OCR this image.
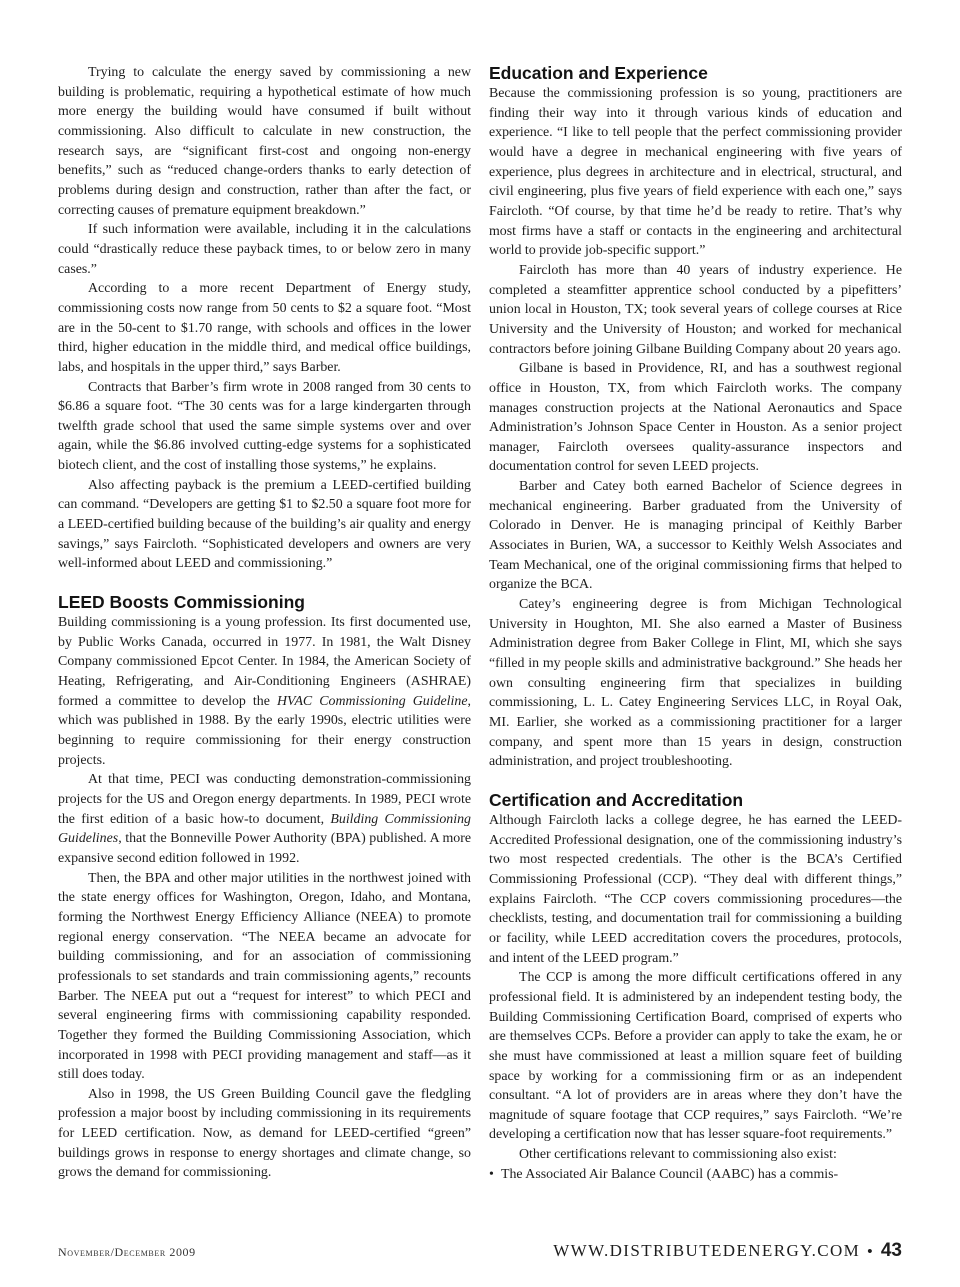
Trying to calculate the energy saved by commissioning a new building is problematic, requiring a hypothetical estimate of how much more energy the building would have consumed if built without commissioning. Also difficult to calculate in new construction, the research says, are “significant first-cost and ongoing non-energy benefits,” such as “reduced change-orders thanks to early detection of problems during design and construction, rather than after the fact, or correcting causes of premature equipment breakdown.”

If such information were available, including it in the calculations could “drastically reduce these payback times, to or below zero in many cases.”

According to a more recent Department of Energy study, commissioning costs now range from 50 cents to $2 a square foot. “Most are in the 50-cent to $1.70 range, with schools and offices in the lower third, higher education in the middle third, and medical office buildings, labs, and hospitals in the upper third,” says Barber.

Contracts that Barber’s firm wrote in 2008 ranged from 30 cents to $6.86 a square foot. “The 30 cents was for a large kindergarten through twelfth grade school that used the same simple systems over and over again, while the $6.86 involved cutting-edge systems for a sophisticated biotech client, and the cost of installing those systems,” he explains.

Also affecting payback is the premium a LEED-certified building can command. “Developers are getting $1 to $2.50 a square foot more for a LEED-certified building because of the building’s air quality and energy savings,” says Faircloth. “Sophisticated developers and owners are very well-informed about LEED and commissioning.”

LEED Boosts Commissioning

Building commissioning is a young profession. Its first documented use, by Public Works Canada, occurred in 1977. In 1981, the Walt Disney Company commissioned Epcot Center. In 1984, the American Society of Heating, Refrigerating, and Air-Conditioning Engineers (ASHRAE) formed a committee to develop the HVAC Commissioning Guideline, which was published in 1988. By the early 1990s, electric utilities were beginning to require commissioning for their energy construction projects.

At that time, PECI was conducting demonstration-commissioning projects for the US and Oregon energy departments. In 1989, PECI wrote the first edition of a basic how-to document, Building Commissioning Guidelines, that the Bonneville Power Authority (BPA) published. A more expansive second edition followed in 1992.

Then, the BPA and other major utilities in the northwest joined with the state energy offices for Washington, Oregon, Idaho, and Montana, forming the Northwest Energy Efficiency Alliance (NEEA) to promote regional energy conservation. “The NEEA became an advocate for building commissioning, and for an association of commissioning professionals to set standards and train commissioning agents,” recounts Barber. The NEEA put out a “request for interest” to which PECI and several engineering firms with commissioning capability responded. Together they formed the Building Commissioning Association, which incorporated in 1998 with PECI providing management and staff—as it still does today.

Also in 1998, the US Green Building Council gave the fledgling profession a major boost by including commissioning in its requirements for LEED certification. Now, as demand for LEED-certified “green” buildings grows in response to energy shortages and climate change, so grows the demand for commissioning.

Education and Experience

Because the commissioning profession is so young, practitioners are finding their way into it through various kinds of education and experience. “I like to tell people that the perfect commissioning provider would have a degree in mechanical engineering with five years of experience, plus degrees in architecture and in electrical, structural, and civil engineering, plus five years of field experience with each one,” says Faircloth. “Of course, by that time he’d be ready to retire. That’s why most firms have a staff or contacts in the engineering and architectural world to provide job-specific support.”

Faircloth has more than 40 years of industry experience. He completed a steamfitter apprentice school conducted by a pipefitters’ union local in Houston, TX; took several years of college courses at Rice University and the University of Houston; and worked for mechanical contractors before joining Gilbane Building Company about 20 years ago.

Gilbane is based in Providence, RI, and has a southwest regional office in Houston, TX, from which Faircloth works. The company manages construction projects at the National Aeronautics and Space Administration’s Johnson Space Center in Houston. As a senior project manager, Faircloth oversees quality-assurance inspectors and documentation control for seven LEED projects.

Barber and Catey both earned Bachelor of Science degrees in mechanical engineering. Barber graduated from the University of Colorado in Denver. He is managing principal of Keithly Barber Associates in Burien, WA, a successor to Keithly Welsh Associates and Team Mechanical, one of the original commissioning firms that helped to organize the BCA.

Catey’s engineering degree is from Michigan Technological University in Houghton, MI. She also earned a Master of Business Administration degree from Baker College in Flint, MI, which she says “filled in my people skills and administrative background.” She heads her own consulting engineering firm that specializes in building commissioning, L. L. Catey Engineering Services LLC, in Royal Oak, MI. Earlier, she worked as a commissioning practitioner for a larger company, and spent more than 15 years in design, construction administration, and project troubleshooting.

Certification and Accreditation

Although Faircloth lacks a college degree, he has earned the LEED-Accredited Professional designation, one of the commissioning industry’s two most respected credentials. The other is the BCA’s Certified Commissioning Professional (CCP). “They deal with different things,” explains Faircloth. “The CCP covers commissioning procedures—the checklists, testing, and documentation trail for commissioning a building or facility, while LEED accreditation covers the procedures, protocols, and intent of the LEED program.”

The CCP is among the more difficult certifications offered in any professional field. It is administered by an independent testing body, the Building Commissioning Certification Board, comprised of experts who are themselves CCPs. Before a provider can apply to take the exam, he or she must have commissioned at least a million square feet of building space by working for a commissioning firm or as an independent consultant. “A lot of providers are in areas where they don’t have the magnitude of square footage that CCP requires,” says Faircloth. “We’re developing a certification now that has lesser square-foot requirements.”

Other certifications relevant to commissioning also exist:

• The Associated Air Balance Council (AABC) has a commis-
November/December 2009	WWW.DISTRIBUTEDENERGY.COM • 43
